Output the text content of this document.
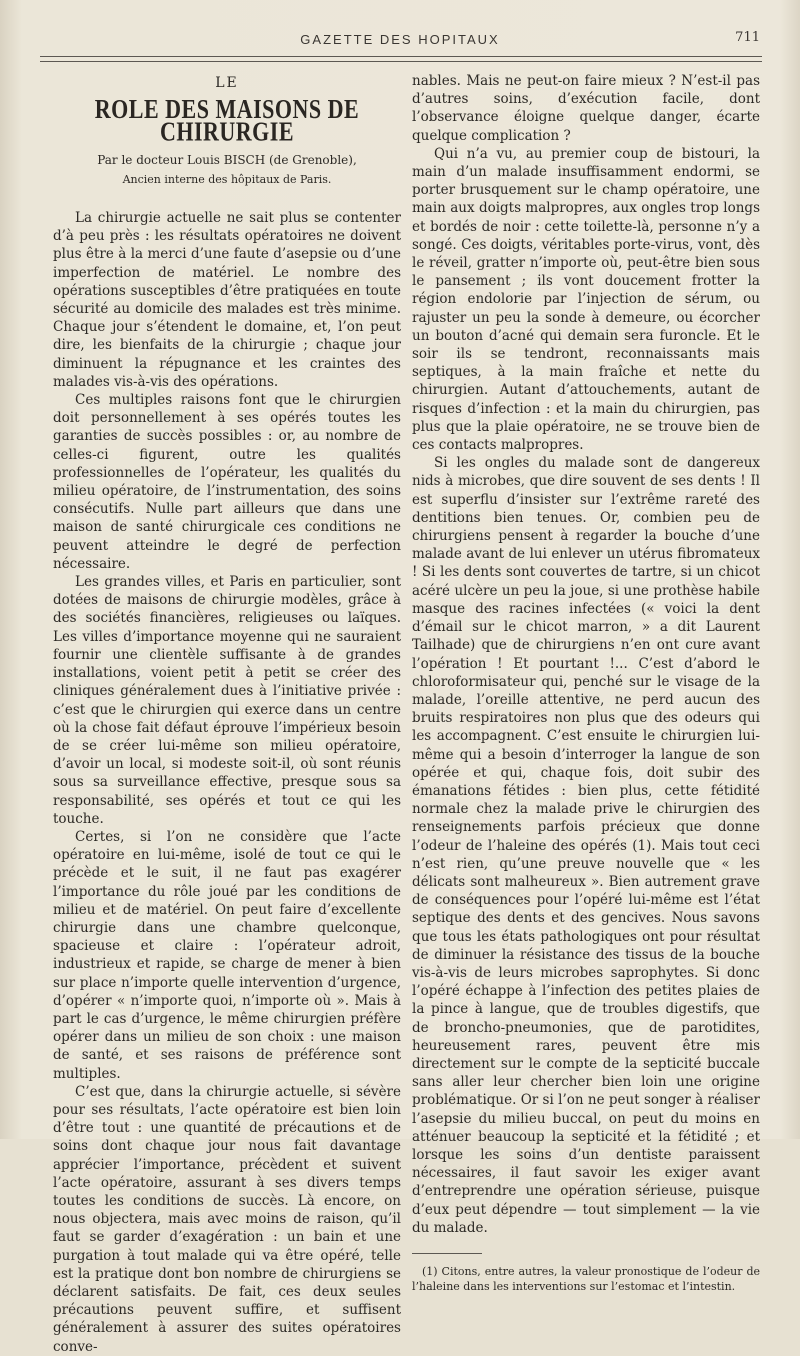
GAZETTE DES HOPITAUX	711
LE
ROLE DES MAISONS DE CHIRURGIE
Par le docteur Louis BISCH (de Grenoble),
Ancien interne des hôpitaux de Paris.

La chirurgie actuelle ne sait plus se contenter d’à peu près : les résultats opératoires ne doivent plus être à la merci d’une faute d’asepsie ou d’une imperfection de matériel. Le nombre des opérations susceptibles d’être pratiquées en toute sécurité au domicile des malades est très minime. Chaque jour s’étendent le domaine, et, l’on peut dire, les bienfaits de la chirurgie ; chaque jour diminuent la répugnance et les craintes des malades vis-à-vis des opérations.

Ces multiples raisons font que le chirurgien doit personnellement à ses opérés toutes les garanties de succès possibles : or, au nombre de celles-ci figurent, outre les qualités professionnelles de l’opérateur, les qualités du milieu opératoire, de l’instrumentation, des soins consécutifs. Nulle part ailleurs que dans une maison de santé chirurgicale ces conditions ne peuvent atteindre le degré de perfection nécessaire.

Les grandes villes, et Paris en particulier, sont dotées de maisons de chirurgie modèles, grâce à des sociétés financières, religieuses ou laïques. Les villes d’importance moyenne qui ne sauraient fournir une clientèle suffisante à de grandes installations, voient petit à petit se créer des cliniques généralement dues à l’initiative privée : c’est que le chirurgien qui exerce dans un centre où la chose fait défaut éprouve l’impérieux besoin de se créer lui-même son milieu opératoire, d’avoir un local, si modeste soit-il, où sont réunis sous sa surveillance effective, presque sous sa responsabilité, ses opérés et tout ce qui les touche.

Certes, si l’on ne considère que l’acte opératoire en lui-même, isolé de tout ce qui le précède et le suit, il ne faut pas exagérer l’importance du rôle joué par les conditions de milieu et de matériel. On peut faire d’excellente chirurgie dans une chambre quelconque, spacieuse et claire : l’opérateur adroit, industrieux et rapide, se charge de mener à bien sur place n’importe quelle intervention d’urgence, d’opérer « n’importe quoi, n’importe où ». Mais à part le cas d’urgence, le même chirurgien préfère opérer dans un milieu de son choix : une maison de santé, et ses raisons de préférence sont multiples.

C’est que, dans la chirurgie actuelle, si sévère pour ses résultats, l’acte opératoire est bien loin d’être tout : une quantité de précautions et de soins dont chaque jour nous fait davantage apprécier l’importance, précèdent et suivent l’acte opératoire, assurant à ses divers temps toutes les conditions de succès. Là encore, on nous objectera, mais avec moins de raison, qu’il faut se garder d’exagération : un bain et une purgation à tout malade qui va être opéré, telle est la pratique dont bon nombre de chirurgiens se déclarent satisfaits. De fait, ces deux seules précautions peuvent suffire, et suffisent généralement à assurer des suites opératoires conve-

nables. Mais ne peut-on faire mieux ? N’est-il pas d’autres soins, d’exécution facile, dont l’observance éloigne quelque danger, écarte quelque complication ?

Qui n’a vu, au premier coup de bistouri, la main d’un malade insuffisamment endormi, se porter brusquement sur le champ opératoire, une main aux doigts malpropres, aux ongles trop longs et bordés de noir : cette toilette-là, personne n’y a songé. Ces doigts, véritables porte-virus, vont, dès le réveil, gratter n’importe où, peut-être bien sous le pansement ; ils vont doucement frotter la région endolorie par l’injection de sérum, ou rajuster un peu la sonde à demeure, ou écorcher un bouton d’acné qui demain sera furoncle. Et le soir ils se tendront, reconnaissants mais septiques, à la main fraîche et nette du chirurgien. Autant d’attouchements, autant de risques d’infection : et la main du chirurgien, pas plus que la plaie opératoire, ne se trouve bien de ces contacts malpropres.

Si les ongles du malade sont de dangereux nids à microbes, que dire souvent de ses dents ! Il est superflu d’insister sur l’extrême rareté des dentitions bien tenues. Or, combien peu de chirurgiens pensent à regarder la bouche d’une malade avant de lui enlever un utérus fibromateux ! Si les dents sont couvertes de tartre, si un chicot acéré ulcère un peu la joue, si une prothèse habile masque des racines infectées (« voici la dent d’émail sur le chicot marron, » a dit Laurent Tailhade) que de chirurgiens n’en ont cure avant l’opération ! Et pourtant !... C’est d’abord le chloroformisateur qui, penché sur le visage de la malade, l’oreille attentive, ne perd aucun des bruits respiratoires non plus que des odeurs qui les accompagnent. C’est ensuite le chirurgien lui-même qui a besoin d’interroger la langue de son opérée et qui, chaque fois, doit subir des émanations fétides : bien plus, cette fétidité normale chez la malade prive le chirurgien des renseignements parfois précieux que donne l’odeur de l’haleine des opérés (1). Mais tout ceci n’est rien, qu’une preuve nouvelle que « les délicats sont malheureux ». Bien autrement grave de conséquences pour l’opéré lui-même est l’état septique des dents et des gencives. Nous savons que tous les états pathologiques ont pour résultat de diminuer la résistance des tissus de la bouche vis-à-vis de leurs microbes saprophytes. Si donc l’opéré échappe à l’infection des petites plaies de la pince à langue, que de troubles digestifs, que de broncho-pneumonies, que de parotidites, heureusement rares, peuvent être mis directement sur le compte de la septicité buccale sans aller leur chercher bien loin une origine problématique. Or si l’on ne peut songer à réaliser l’asepsie du milieu buccal, on peut du moins en atténuer beaucoup la septicité et la fétidité ; et lorsque les soins d’un dentiste paraissent nécessaires, il faut savoir les exiger avant d’entreprendre une opération sérieuse, puisque d’eux peut dépendre — tout simplement — la vie du malade.

(1) Citons, entre autres, la valeur pronostique de l’odeur de l’haleine dans les interventions sur l’estomac et l’intestin.
